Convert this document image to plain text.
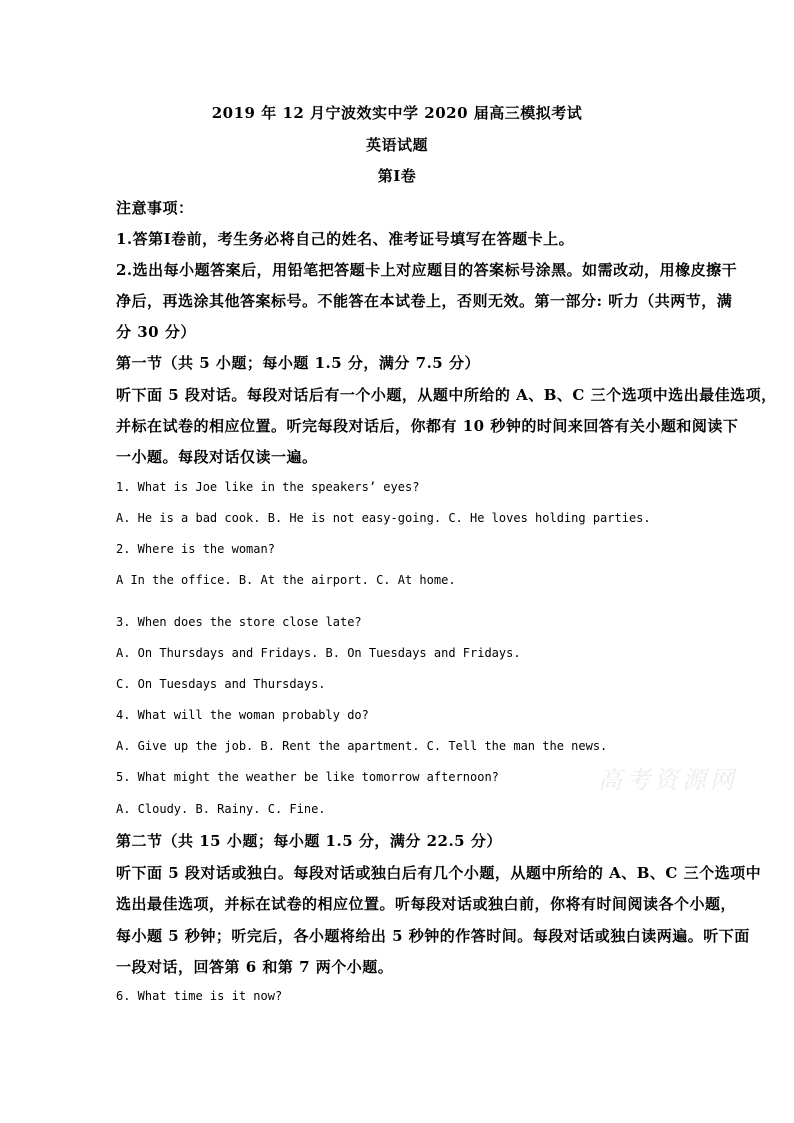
2019 年 12 月宁波效实中学 2020 届高三模拟考试
英语试题
第Ⅰ卷
注意事项：
1.答第Ⅰ卷前，考生务必将自己的姓名、准考证号填写在答题卡上。
2.选出每小题答案后，用铅笔把答题卡上对应题目的答案标号涂黑。如需改动，用橡皮擦干
净后，再选涂其他答案标号。不能答在本试卷上，否则无效。第一部分: 听力（共两节，满
分 30 分）
第一节（共 5 小题；每小题 1.5 分，满分 7.5 分）
听下面 5 段对话。每段对话后有一个小题，从题中所给的 A、B、C 三个选项中选出最佳选项，
并标在试卷的相应位置。听完每段对话后，你都有 10 秒钟的时间来回答有关小题和阅读下
一小题。每段对话仅读一遍。
1. What is Joe like in the speakers’ eyes?
A. He is a bad cook. B. He is not easy-going. C. He loves holding parties.
2. Where is the woman?
A In the office. B. At the airport. C. At home.
3. When does the store close late?
A. On Thursdays and Fridays. B. On Tuesdays and Fridays.
C. On Tuesdays and Thursdays.
4. What will the woman probably do?
A. Give up the job. B. Rent the apartment. C. Tell the man the news.
5. What might the weather be like tomorrow afternoon?
A. Cloudy. B. Rainy. C. Fine.
第二节（共 15 小题；每小题 1.5 分，满分 22.5 分）
听下面 5 段对话或独白。每段对话或独白后有几个小题，从题中所给的 A、B、C 三个选项中
选出最佳选项，并标在试卷的相应位置。听每段对话或独白前，你将有时间阅读各个小题，
每小题 5 秒钟；听完后，各小题将给出 5 秒钟的作答时间。每段对话或独白读两遍。听下面
一段对话，回答第 6 和第 7 两个小题。
6. What time is it now?
高考资源网
